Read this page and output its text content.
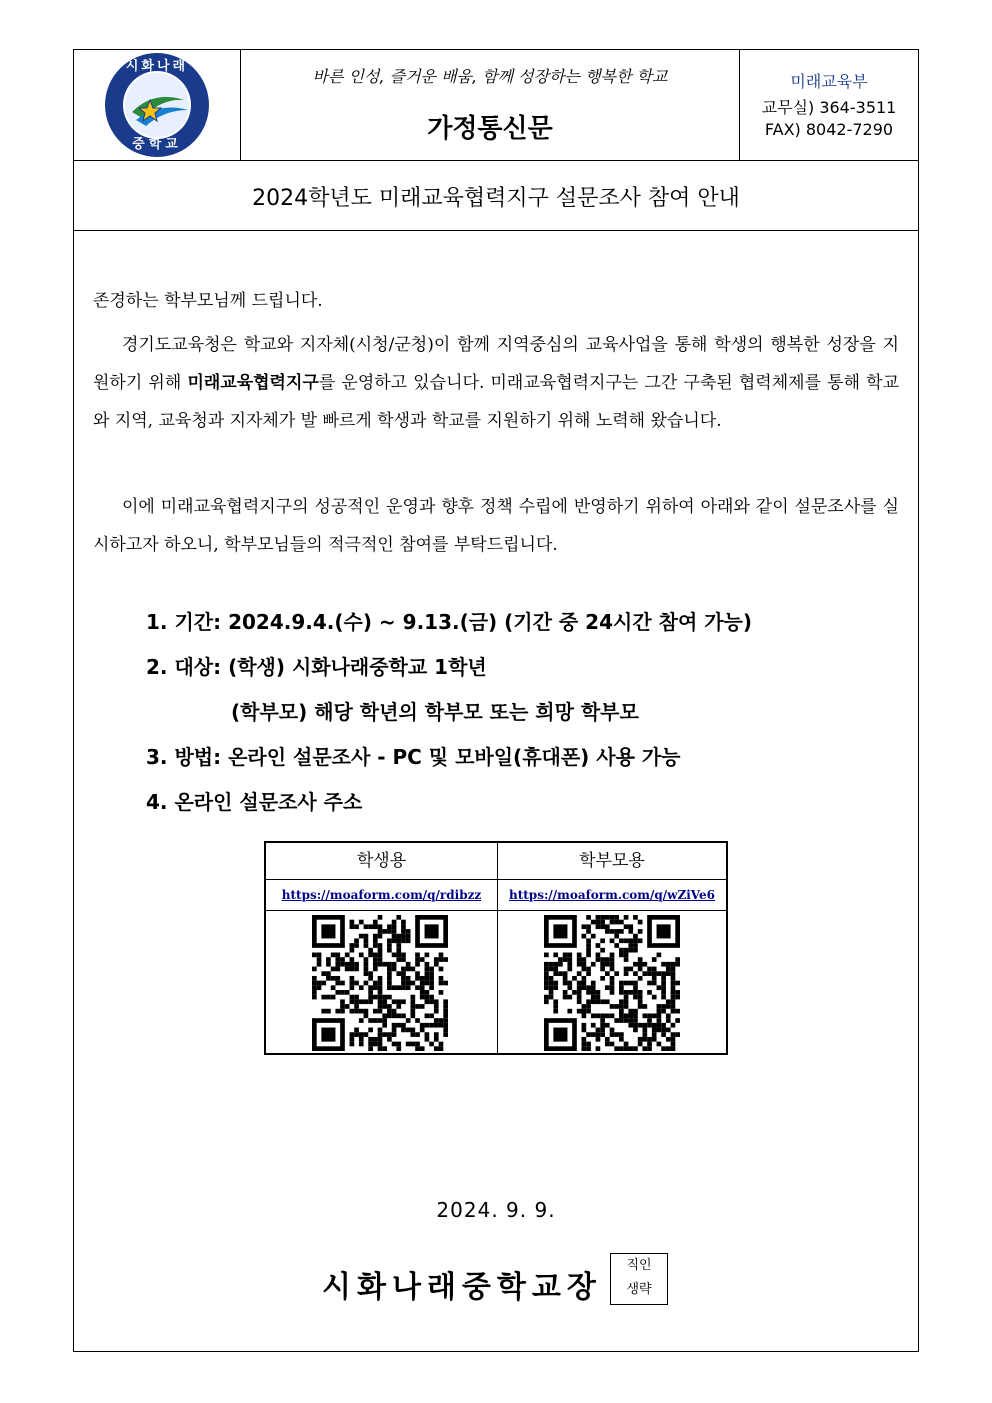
시화나래
중학교
바른 인성, 즐거운 배움, 함께 성장하는 행복한 학교
가정통신문
미래교육부
교무실) 364-3511
FAX) 8042-7290
2024학년도 미래교육협력지구 설문조사 참여 안내
존경하는 학부모님께 드립니다.
경기도교육청은 학교와 지자체(시청/군청)이 함께 지역중심의 교육사업을 통해 학생의 행복한 성장을 지원하기 위해 미래교육협력지구를 운영하고 있습니다. 미래교육협력지구는 그간 구축된 협력체제를 통해 학교와 지역, 교육청과 지자체가 발 빠르게 학생과 학교를 지원하기 위해 노력해 왔습니다.
이에 미래교육협력지구의 성공적인 운영과 향후 정책 수립에 반영하기 위하여 아래와 같이 설문조사를 실시하고자 하오니, 학부모님들의 적극적인 참여를 부탁드립니다.
1. 기간: 2024.9.4.(수) ~ 9.13.(금) (기간 중 24시간 참여 가능)
2. 대상: (학생) 시화나래중학교 1학년
(학부모) 해당 학년의 학부모 또는 희망 학부모
3. 방법: 온라인 설문조사 - PC 및 모바일(휴대폰) 사용 가능
4. 온라인 설문조사 주소
학생용	학부모용
https://moaform.com/q/rdibzz	https://moaform.com/q/wZiVe6
2024. 9. 9.
시화나래중학교장
직인
생략
